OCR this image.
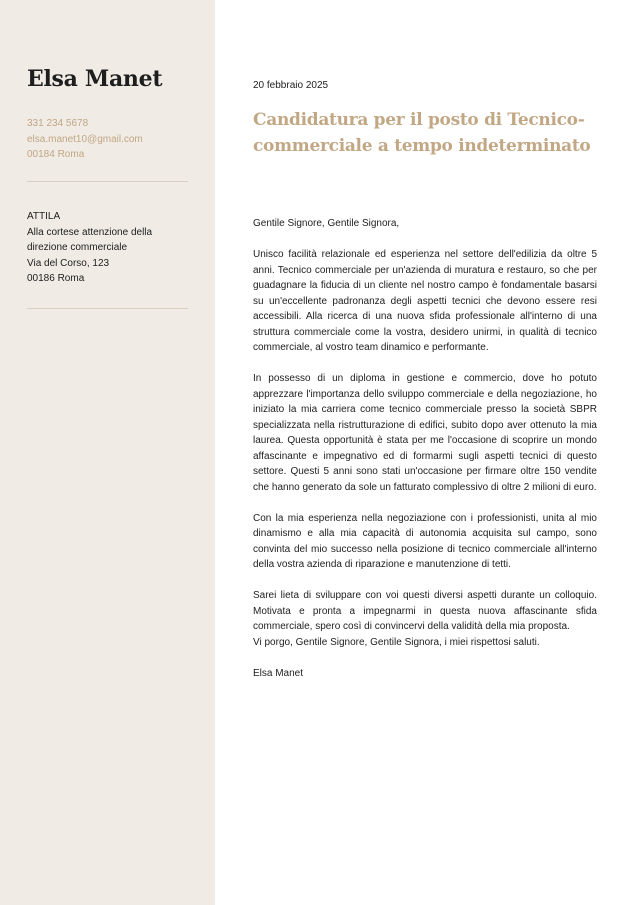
Elsa Manet
331 234 5678
elsa.manet10@gmail.com
00184 Roma
ATTILA
Alla cortese attenzione della
direzione commerciale
Via del Corso, 123
00186 Roma
20 febbraio 2025
Candidatura per il posto di Tecnico-commerciale a tempo indeterminato

Gentile Signore, Gentile Signora,

Unisco facilità relazionale ed esperienza nel settore dell'edilizia da oltre 5 anni. Tecnico commerciale per un'azienda di muratura e restauro, so che per guadagnare la fiducia di un cliente nel nostro campo è fondamentale basarsi su un'eccellente padronanza degli aspetti tecnici che devono essere resi accessibili. Alla ricerca di una nuova sfida professionale all'interno di una struttura commerciale come la vostra, desidero unirmi, in qualità di tecnico commerciale, al vostro team dinamico e performante.

In possesso di un diploma in gestione e commercio, dove ho potuto apprezzare l'importanza dello sviluppo commerciale e della negoziazione, ho iniziato la mia carriera come tecnico commerciale presso la società SBPR specializzata nella ristrutturazione di edifici, subito dopo aver ottenuto la mia laurea. Questa opportunità è stata per me l'occasione di scoprire un mondo affascinante e impegnativo ed di formarmi sugli aspetti tecnici di questo settore. Questi 5 anni sono stati un'occasione per firmare oltre 150 vendite che hanno generato da sole un fatturato complessivo di oltre 2 milioni di euro.

Con la mia esperienza nella negoziazione con i professionisti, unita al mio dinamismo e alla mia capacità di autonomia acquisita sul campo, sono convinta del mio successo nella posizione di tecnico commerciale all'interno della vostra azienda di riparazione e manutenzione di tetti.

Sarei lieta di sviluppare con voi questi diversi aspetti durante un colloquio. Motivata e pronta a impegnarmi in questa nuova affascinante sfida commerciale, spero così di convincervi della validità della mia proposta.

Vi porgo, Gentile Signore, Gentile Signora, i miei rispettosi saluti.

Elsa Manet
